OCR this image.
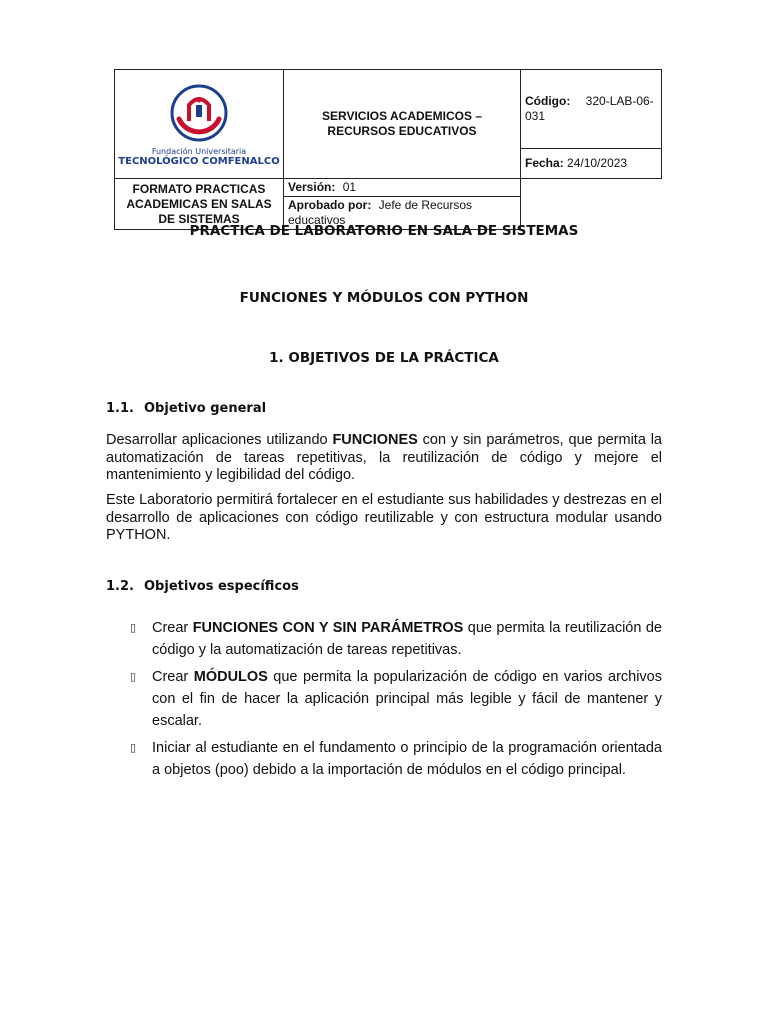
Fundación Universitaria
TECNOLÓGICO COMFENALCO	SERVICIOS ACADEMICOS – RECURSOS EDUCATIVOS	Código: 320-LAB-06-031
		Fecha: 24/10/2023
FORMATO PRACTICAS ACADEMICAS EN SALAS DE SISTEMAS	Versión: 01	
	Aprobado por: Jefe de Recursos educativos	

PRACTICA DE LABORATORIO EN SALA DE SISTEMAS

FUNCIONES Y MÓDULOS CON PYTHON

1. OBJETIVOS DE LA PRÁCTICA

1.1. Objetivo general

Desarrollar aplicaciones utilizando FUNCIONES con y sin parámetros, que permita la automatización de tareas repetitivas, la reutilización de código y mejore el mantenimiento y legibilidad del código.

Este Laboratorio permitirá fortalecer en el estudiante sus habilidades y destrezas en el desarrollo de aplicaciones con código reutilizable y con estructura modular usando PYTHON.

1.2. Objetivos específicos

▯	Crear FUNCIONES CON Y SIN PARÁMETROS que permita la reutilización de código y la automatización de tareas repetitivas.
▯	Crear MÓDULOS que permita la popularización de código en varios archivos con el fin de hacer la aplicación principal más legible y fácil de mantener y escalar.
▯	Iniciar al estudiante en el fundamento o principio de la programación orientada a objetos (poo) debido a la importación de módulos en el código principal.
